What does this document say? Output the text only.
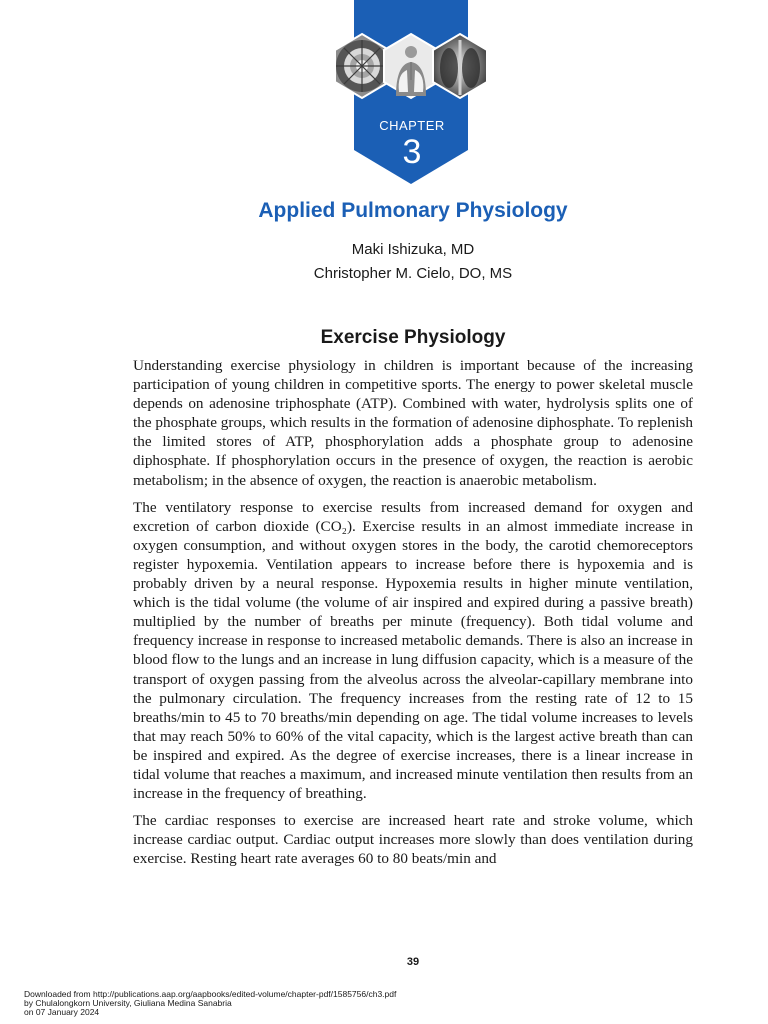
CHAPTER
3
Applied Pulmonary Physiology
Maki Ishizuka, MD
Christopher M. Cielo, DO, MS
Exercise Physiology

Understanding exercise physiology in children is important because of the increasing participation of young children in competitive sports. The energy to power skeletal muscle depends on adenosine triphosphate (ATP). Combined with water, hydrolysis splits one of the phosphate groups, which results in the formation of adenosine diphosphate. To replenish the limited stores of ATP, phosphorylation adds a phosphate group to adenosine diphosphate. If phosphorylation occurs in the presence of oxygen, the reaction is aerobic metabolism; in the absence of oxygen, the reaction is anaerobic metabolism.

The ventilatory response to exercise results from increased demand for oxygen and excretion of carbon dioxide (CO₂). Exercise results in an almost immediate increase in oxygen consumption, and without oxygen stores in the body, the carotid chemoreceptors register hypoxemia. Ventilation appears to increase before there is hypoxemia and is probably driven by a neural response. Hypoxemia results in higher minute ventilation, which is the tidal volume (the volume of air inspired and expired during a passive breath) multiplied by the number of breaths per minute (frequency). Both tidal volume and frequency increase in response to increased metabolic demands. There is also an increase in blood flow to the lungs and an increase in lung diffusion capacity, which is a measure of the transport of oxygen passing from the alveolus across the alveolar-capillary membrane into the pulmonary circulation. The frequency increases from the resting rate of 12 to 15 breaths/min to 45 to 70 breaths/min depending on age. The tidal volume increases to levels that may reach 50% to 60% of the vital capacity, which is the largest active breath than can be inspired and expired. As the degree of exercise increases, there is a linear increase in tidal volume that reaches a maximum, and increased minute ventilation then results from an increase in the frequency of breathing.

The cardiac responses to exercise are increased heart rate and stroke volume, which increase cardiac output. Cardiac output increases more slowly than does ventilation during exercise. Resting heart rate averages 60 to 80 beats/min and

39
Downloaded from http://publications.aap.org/aapbooks/edited-volume/chapter-pdf/1585756/ch3.pdf
by Chulalongkorn University, Giuliana Medina Sanabria
on 07 January 2024
